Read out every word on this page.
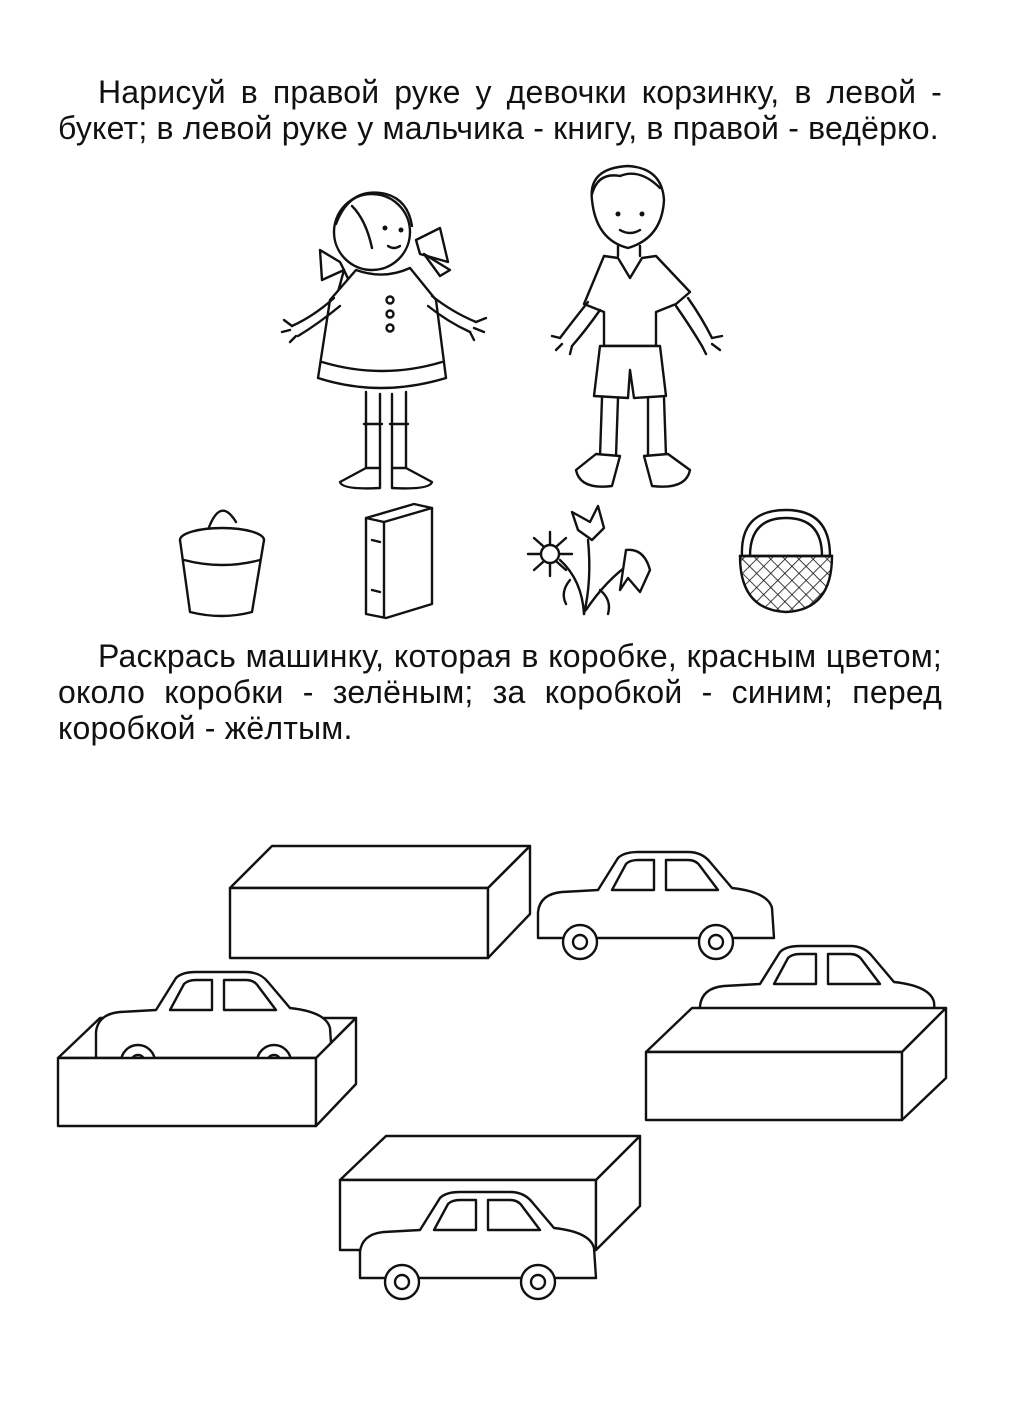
Нарисуй в правой руке у девочки корзинку, в левой - букет; в левой руке у мальчика - книгу, в правой - ведёрко.

Раскрась машинку, которая в коробке, красным цветом; около коробки - зелёным; за коробкой - синим; перед коробкой - жёлтым.
